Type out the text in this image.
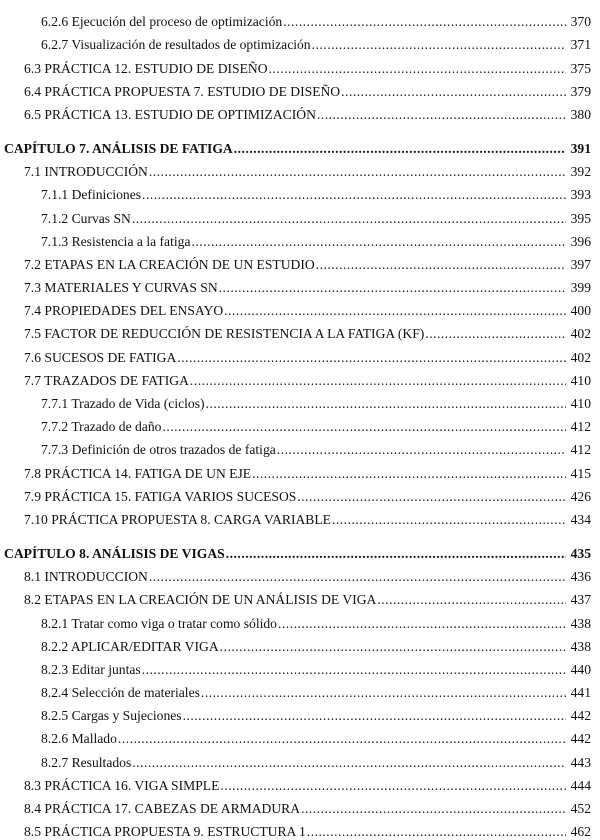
6.2.6 Ejecución del proceso de optimización .....	370
6.2.7 Visualización de resultados de optimización .....	371
6.3 PRÁCTICA 12. ESTUDIO DE DISEÑO .....	375
6.4 PRÁCTICA PROPUESTA 7. ESTUDIO DE DISEÑO .....	379
6.5 PRÁCTICA 13. ESTUDIO DE OPTIMIZACIÓN .....	380
CAPÍTULO 7. ANÁLISIS DE FATIGA .....	391
7.1 INTRODUCCIÓN .....	392
7.1.1 Definiciones .....	393
7.1.2 Curvas SN .....	395
7.1.3 Resistencia a la fatiga .....	396
7.2 ETAPAS EN LA CREACIÓN DE UN ESTUDIO .....	397
7.3 MATERIALES Y CURVAS SN .....	399
7.4 PROPIEDADES DEL ENSAYO .....	400
7.5 FACTOR DE REDUCCIÓN DE RESISTENCIA A LA FATIGA (KF) .....	402
7.6 SUCESOS DE FATIGA .....	402
7.7 TRAZADOS DE FATIGA .....	410
7.7.1 Trazado de Vida (ciclos) .....	410
7.7.2 Trazado de daño .....	412
7.7.3 Definición de otros trazados de fatiga .....	412
7.8 PRÁCTICA 14. FATIGA DE UN EJE .....	415
7.9 PRÁCTICA 15. FATIGA VARIOS SUCESOS .....	426
7.10 PRÁCTICA PROPUESTA 8. CARGA VARIABLE .....	434
CAPÍTULO 8. ANÁLISIS DE VIGAS .....	435
8.1 INTRODUCCION .....	436
8.2 ETAPAS EN LA CREACIÓN DE UN ANÁLISIS DE VIGA .....	437
8.2.1 Tratar como viga o tratar como sólido .....	438
8.2.2 APLICAR/EDITAR VIGA .....	438
8.2.3 Editar juntas .....	440
8.2.4 Selección de materiales .....	441
8.2.5 Cargas y Sujeciones .....	442
8.2.6 Mallado .....	442
8.2.7 Resultados .....	443
8.3 PRÁCTICA 16. VIGA SIMPLE .....	444
8.4 PRÁCTICA 17. CABEZAS DE ARMADURA .....	452
8.5 PRÁCTICA PROPUESTA 9. ESTRUCTURA 1 .....	462
